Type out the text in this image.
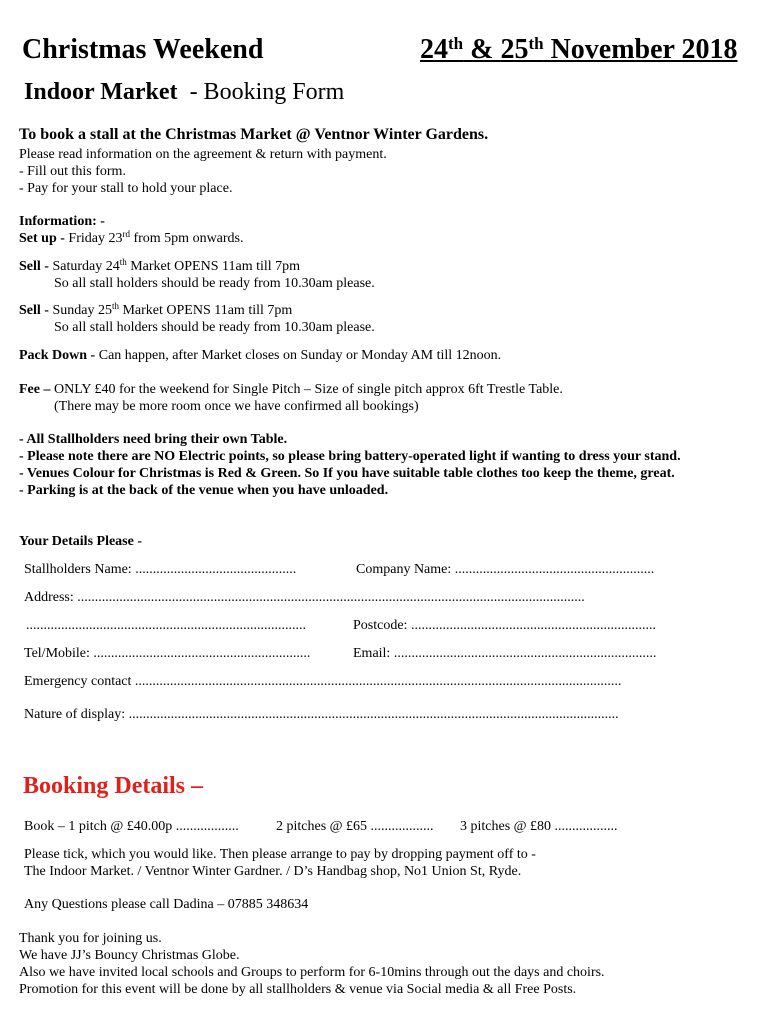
Christmas Weekend	24th & 25th November 2018
Indoor Market  - Booking Form
To book a stall at the Christmas Market @ Ventnor Winter Gardens.
Please read information on the agreement & return with payment.
- Fill out this form.
- Pay for your stall to hold your place.
Information: -
Set up - Friday 23rd from 5pm onwards.
Sell - Saturday 24th Market OPENS 11am till 7pm
So all stall holders should be ready from 10.30am please.
Sell - Sunday 25th Market OPENS 11am till 7pm
So all stall holders should be ready from 10.30am please.
Pack Down - Can happen, after Market closes on Sunday or Monday AM till 12noon.
Fee – ONLY £40 for the weekend for Single Pitch – Size of single pitch approx 6ft Trestle Table.
(There may be more room once we have confirmed all bookings)
- All Stallholders need bring their own Table.
- Please note there are NO Electric points, so please bring battery-operated light if wanting to dress your stand.
- Venues Colour for Christmas is Red & Green. So If you have suitable table clothes too keep the theme, great.
- Parking is at the back of the venue when you have unloaded.
Your Details Please -
Stallholders Name: ..............................................	Company Name: .........................................................
Address: .................................................................................................................................................
................................................................................	Postcode: ......................................................................
Tel/Mobile: ..............................................................	Email: ...........................................................................
Emergency contact ...........................................................................................................................................
Nature of display: ............................................................................................................................................
Booking Details –
Book – 1 pitch @ £40.00p ..................	2 pitches @ £65 .................. 3 pitches @ £80 ..................
Please tick, which you would like. Then please arrange to pay by dropping payment off to -
The Indoor Market. / Ventnor Winter Gardner. / D’s Handbag shop, No1 Union St, Ryde.
Any Questions please call Dadina – 07885 348634
Thank you for joining us.
We have JJ’s Bouncy Christmas Globe.
Also we have invited local schools and Groups to perform for 6-10mins through out the days and choirs.
Promotion for this event will be done by all stallholders & venue via Social media & all Free Posts.
